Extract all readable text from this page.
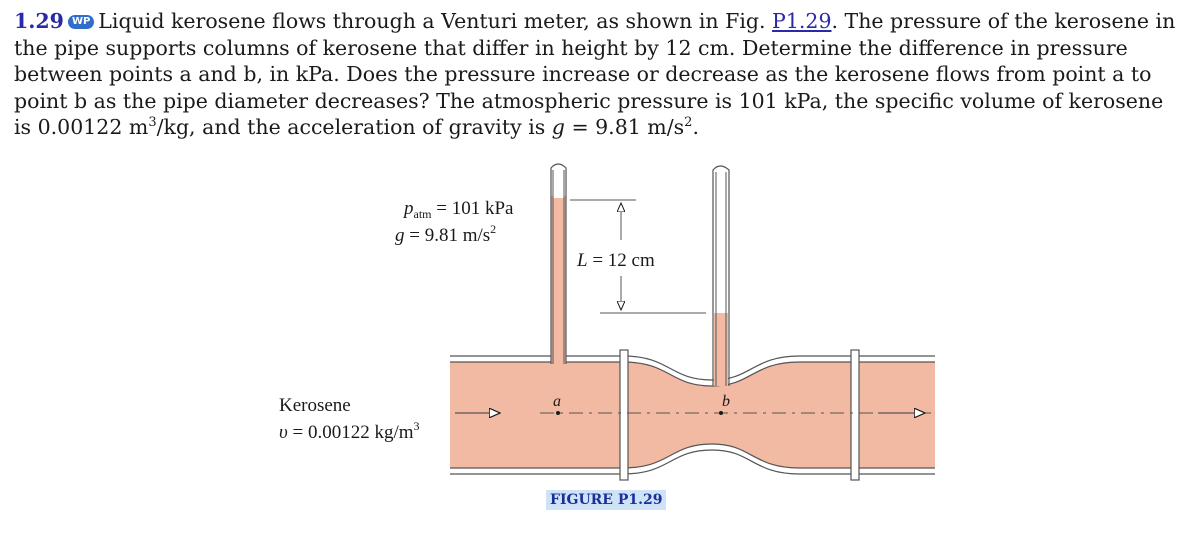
1.29 WP Liquid kerosene flows through a Venturi meter, as shown in Fig. P1.29. The pressure of the kerosene in the pipe supports columns of kerosene that differ in height by 12 cm. Determine the difference in pressure between points a and b, in kPa. Does the pressure increase or decrease as the kerosene flows from point a to point b as the pipe diameter decreases? The atmospheric pressure is 101 kPa, the specific volume of kerosene is 0.00122 $m^3/kg$, and the acceleration of gravity is g = 9.81 $m/s^2$.

$p_{atm} = 101$ kPa
g = 9.81 $m/s^2$
L = 12 cm
Kerosene
υ = 0.00122 $kg/m^3$
a	b
FIGURE P1.29
